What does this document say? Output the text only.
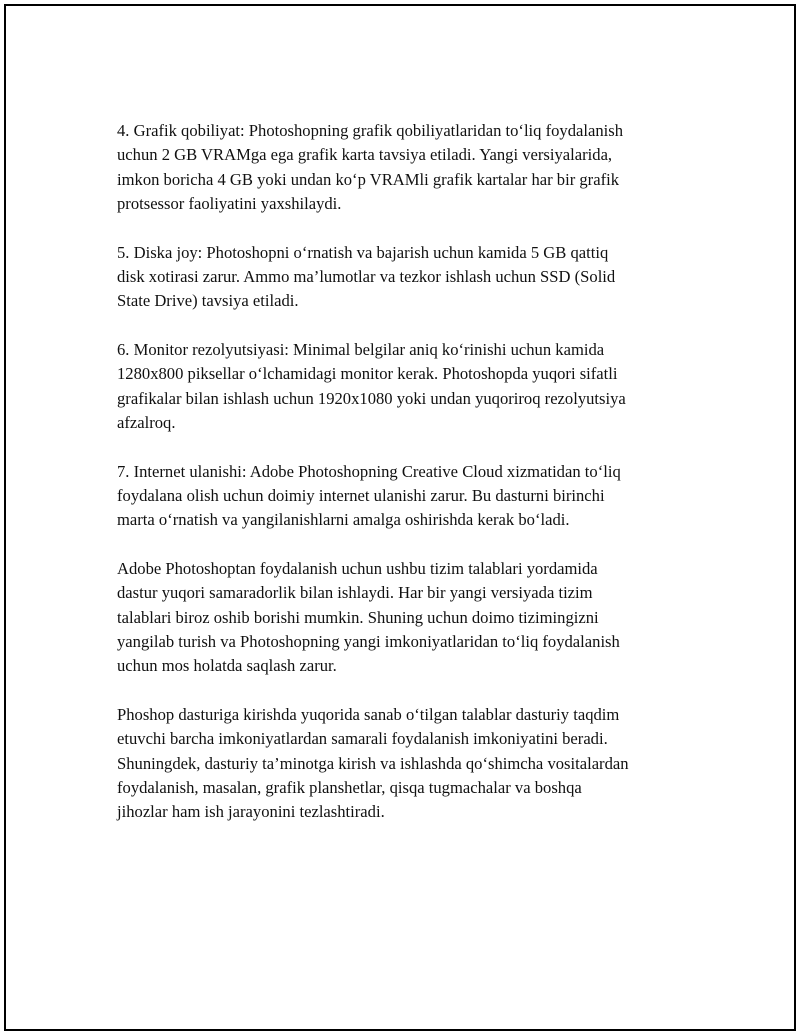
4. Grafik qobiliyat: Photoshopning grafik qobiliyatlaridan to‘liq foydalanish
uchun 2 GB VRAMga ega grafik karta tavsiya etiladi. Yangi versiyalarida,
imkon boricha 4 GB yoki undan ko‘p VRAMli grafik kartalar har bir grafik
protsessor faoliyatini yaxshilaydi.

5. Diska joy: Photoshopni o‘rnatish va bajarish uchun kamida 5 GB qattiq
disk xotirasi zarur. Ammo ma’lumotlar va tezkor ishlash uchun SSD (Solid
State Drive) tavsiya etiladi.

6. Monitor rezolyutsiyasi: Minimal belgilar aniq ko‘rinishi uchun kamida
1280x800 piksellar o‘lchamidagi monitor kerak. Photoshopda yuqori sifatli
grafikalar bilan ishlash uchun 1920x1080 yoki undan yuqoriroq rezolyutsiya
afzalroq.

7. Internet ulanishi: Adobe Photoshopning Creative Cloud xizmatidan to‘liq
foydalana olish uchun doimiy internet ulanishi zarur. Bu dasturni birinchi
marta o‘rnatish va yangilanishlarni amalga oshirishda kerak bo‘ladi.

Adobe Photoshoptan foydalanish uchun ushbu tizim talablari yordamida
dastur yuqori samaradorlik bilan ishlaydi. Har bir yangi versiyada tizim
talablari biroz oshib borishi mumkin. Shuning uchun doimo tizimingizni
yangilab turish va Photoshopning yangi imkoniyatlaridan to‘liq foydalanish
uchun mos holatda saqlash zarur.

Phoshop dasturiga kirishda yuqorida sanab o‘tilgan talablar dasturiy taqdim
etuvchi barcha imkoniyatlardan samarali foydalanish imkoniyatini beradi.
Shuningdek, dasturiy ta’minotga kirish va ishlashda qo‘shimcha vositalardan
foydalanish, masalan, grafik planshetlar, qisqa tugmachalar va boshqa
jihozlar ham ish jarayonini tezlashtiradi.
